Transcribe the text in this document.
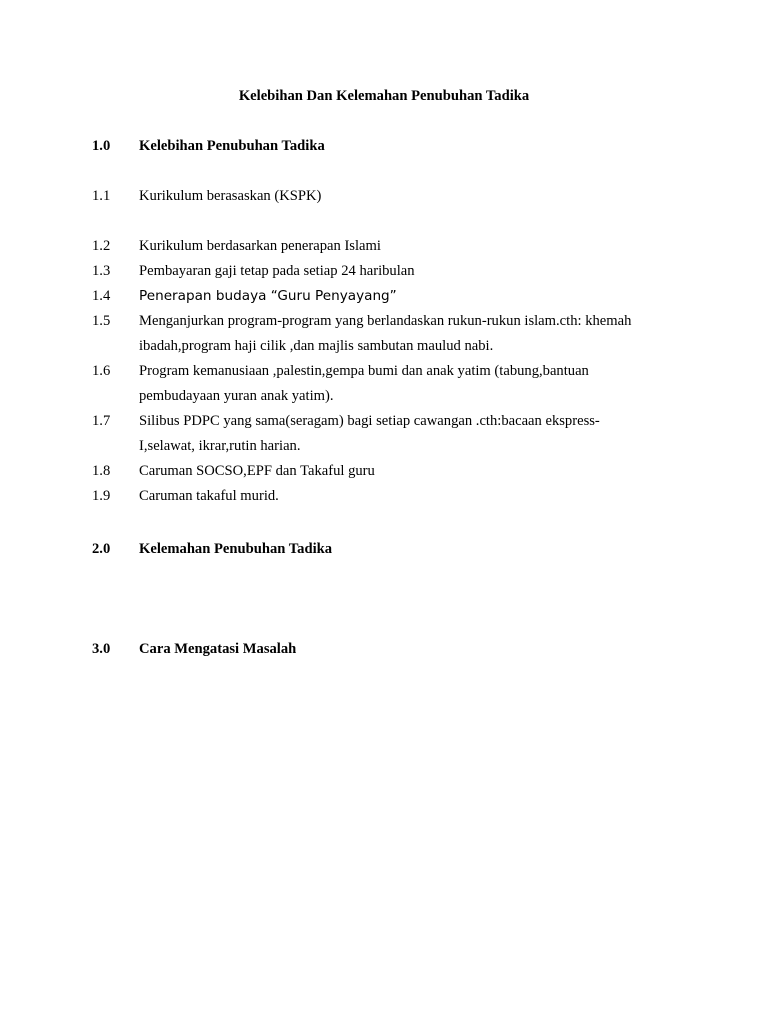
Kelebihan Dan Kelemahan Penubuhan Tadika
1.0	Kelebihan Penubuhan Tadika
1.1	Kurikulum berasaskan (KSPK)
1.2	Kurikulum berdasarkan penerapan Islami
1.3	Pembayaran gaji tetap pada setiap 24 haribulan
1.4	Penerapan budaya “Guru Penyayang”
1.5	Menganjurkan program-program yang berlandaskan rukun-rukun islam.cth: khemah
ibadah,program haji cilik ,dan majlis sambutan maulud nabi.
1.6	Program kemanusiaan ,palestin,gempa bumi dan anak yatim (tabung,bantuan
pembudayaan yuran anak yatim).
1.7	Silibus PDPC yang sama(seragam) bagi setiap cawangan .cth:bacaan ekspress-
I,selawat, ikrar,rutin harian.
1.8	Caruman SOCSO,EPF dan Takaful guru
1.9	Caruman takaful murid.
2.0	Kelemahan Penubuhan Tadika
3.0	Cara Mengatasi Masalah
